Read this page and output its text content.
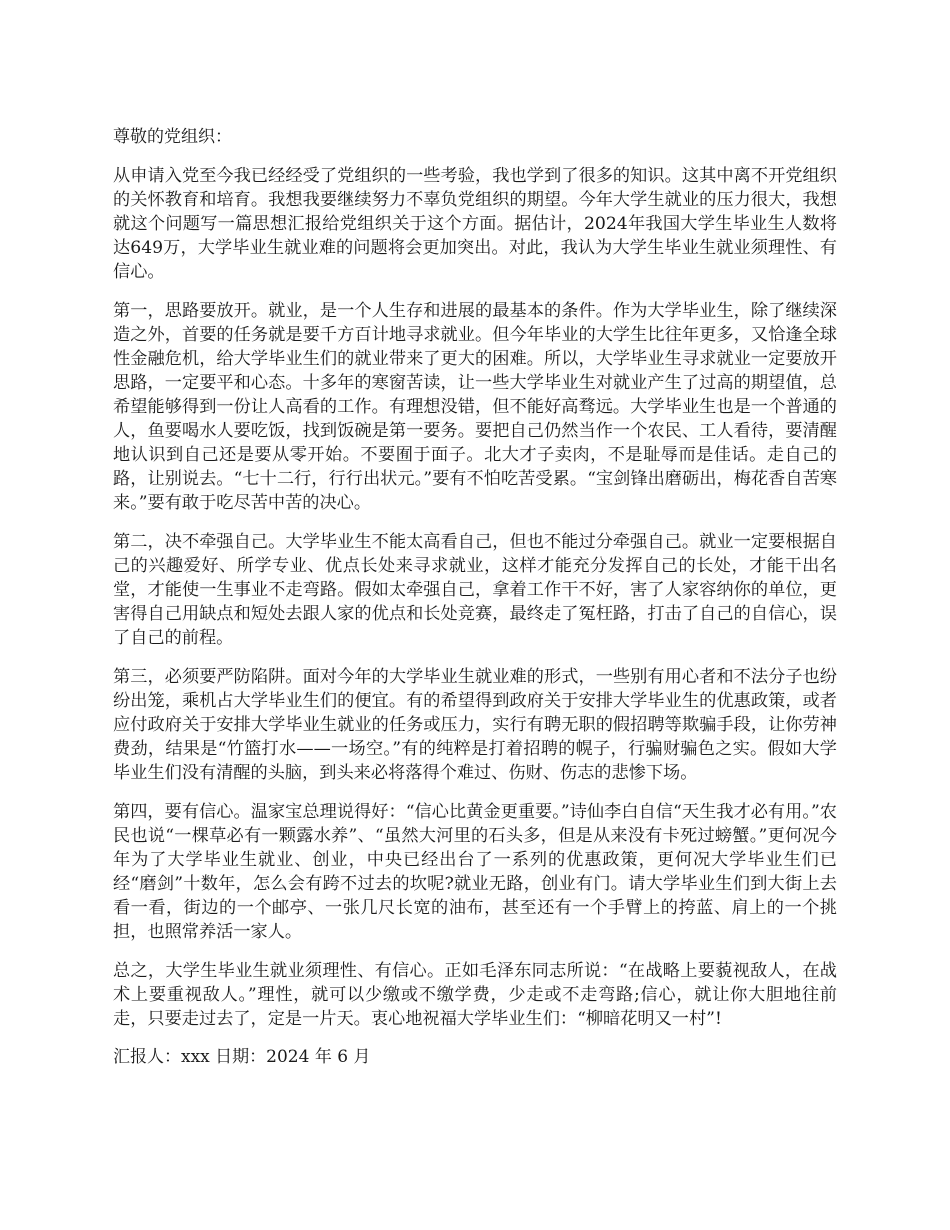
尊敬的党组织：

从申请入党至今我已经经受了党组织的一些考验，我也学到了很多的知识。这其中离不开党组织的关怀教育和培育。我想我要继续努力不辜负党组织的期望。今年大学生就业的压力很大，我想就这个问题写一篇思想汇报给党组织关于这个方面。据估计，2024年我国大学生毕业生人数将达649万，大学毕业生就业难的问题将会更加突出。对此，我认为大学生毕业生就业须理性、有信心。

第一，思路要放开。就业，是一个人生存和进展的最基本的条件。作为大学毕业生，除了继续深造之外，首要的任务就是要千方百计地寻求就业。但今年毕业的大学生比往年更多，又恰逢全球性金融危机，给大学毕业生们的就业带来了更大的困难。所以，大学毕业生寻求就业一定要放开思路，一定要平和心态。十多年的寒窗苦读，让一些大学毕业生对就业产生了过高的期望值，总希望能够得到一份让人高看的工作。有理想没错，但不能好高骛远。大学毕业生也是一个普通的人，鱼要喝水人要吃饭，找到饭碗是第一要务。要把自己仍然当作一个农民、工人看待，要清醒地认识到自己还是要从零开始。不要囿于面子。北大才子卖肉，不是耻辱而是佳话。走自己的路，让别说去。“七十二行，行行出状元。”要有不怕吃苦受累。“宝剑锋出磨砺出，梅花香自苦寒来。”要有敢于吃尽苦中苦的决心。

第二，决不牵强自己。大学毕业生不能太高看自己，但也不能过分牵强自己。就业一定要根据自己的兴趣爱好、所学专业、优点长处来寻求就业，这样才能充分发挥自己的长处，才能干出名堂，才能使一生事业不走弯路。假如太牵强自己，拿着工作干不好，害了人家容纳你的单位，更害得自己用缺点和短处去跟人家的优点和长处竞赛，最终走了冤枉路，打击了自己的自信心，误了自己的前程。

第三，必须要严防陷阱。面对今年的大学毕业生就业难的形式，一些别有用心者和不法分子也纷纷出笼，乘机占大学毕业生们的便宜。有的希望得到政府关于安排大学毕业生的优惠政策，或者应付政府关于安排大学毕业生就业的任务或压力，实行有聘无职的假招聘等欺骗手段，让你劳神费劲，结果是“竹篮打水——一场空。”有的纯粹是打着招聘的幌子，行骗财骗色之实。假如大学毕业生们没有清醒的头脑，到头来必将落得个难过、伤财、伤志的悲惨下场。

第四，要有信心。温家宝总理说得好：“信心比黄金更重要。”诗仙李白自信“天生我才必有用。”农民也说“一棵草必有一颗露水养”、“虽然大河里的石头多，但是从来没有卡死过螃蟹。”更何况今年为了大学毕业生就业、创业，中央已经出台了一系列的优惠政策，更何况大学毕业生们已经“磨剑”十数年，怎么会有跨不过去的坎呢?就业无路，创业有门。请大学毕业生们到大街上去看一看，街边的一个邮亭、一张几尺长宽的油布，甚至还有一个手臂上的挎蓝、肩上的一个挑担，也照常养活一家人。

总之，大学生毕业生就业须理性、有信心。正如毛泽东同志所说：“在战略上要藐视敌人，在战术上要重视敌人。”理性，就可以少缴或不缴学费，少走或不走弯路;信心，就让你大胆地往前走，只要走过去了，定是一片天。衷心地祝福大学毕业生们：“柳暗花明又一村”!

汇报人：xxx 日期：2024 年 6 月
